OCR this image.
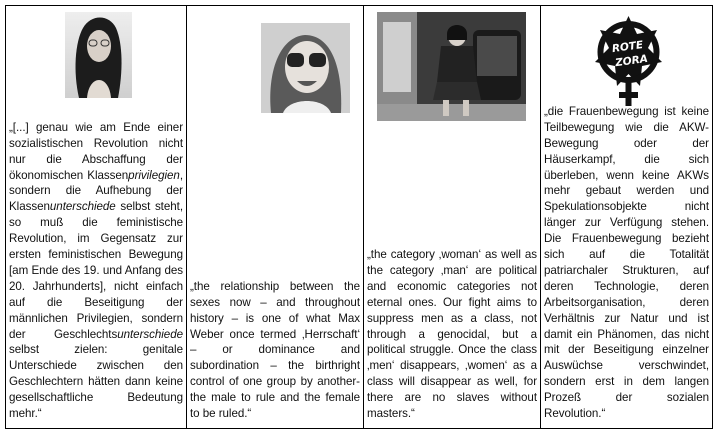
„[...] genau wie am Ende einer sozialistischen Revolution nicht nur die Abschaffung der ökonomischen Klassenprivilegien, sondern die Aufhebung der Klassenunterschiede selbst steht, so muß die feministische Revolution, im Gegensatz zur ersten feministischen Bewegung [am Ende des 19. und Anfang des 20. Jahrhunderts], nicht einfach auf die Beseitigung der männlichen Privilegien, sondern der Geschlechtsunterschiede selbst zielen: genitale Unterschiede zwischen den Geschlechtern hätten dann keine gesellschaftliche Bedeutung mehr.“
„the relationship between the sexes now – and throughout history – is one of what Max Weber once termed ‚Herrschaft‘ – or dominance and subordination – the birthright control of one group by another-the male to rule and the female to be ruled.“
„the category ‚woman‘ as well as the category ‚man‘ are political and economic categories not eternal ones. Our fight aims to suppress men as a class, not through a genocidal, but a political struggle. Once the class ‚men‘ disappears, ‚women‘ as a class will disappear as well, for there are no slaves without masters.“
ROTE
ZORA
„die Frauenbewegung ist keine Teilbewegung wie die AKW-Bewegung oder der Häuserkampf, die sich überleben, wenn keine AKWs mehr gebaut werden und Spekulationsobjekte nicht länger zur Verfügung stehen. Die Frauenbewegung bezieht sich auf die Totalität patriarchaler Strukturen, auf deren Technologie, deren Arbeitsorganisation, deren Verhältnis zur Natur und ist damit ein Phänomen, das nicht mit der Beseitigung einzelner Auswüchse verschwindet, sondern erst in dem langen Prozeß der sozialen Revolution.“
